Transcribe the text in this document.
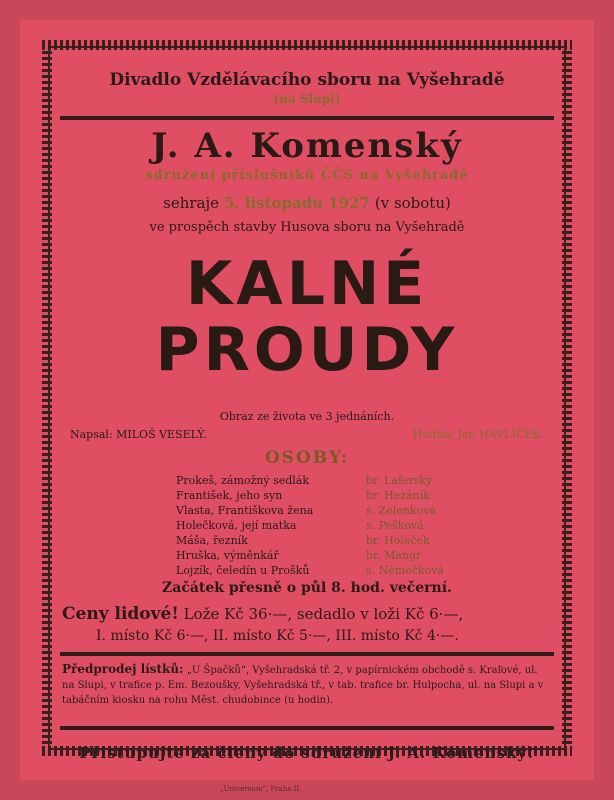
Divadlo Vzdělávacího sboru na Vyšehradě
(na Slupi)
J. A. Komenský
sdružení příslušníků ČČS na Vyšehradě
sehraje 5. listopadu 1927 (v sobotu)
ve prospěch stavby Husova sboru na Vyšehradě
KALNÉ
PROUDY
Obraz ze života ve 3 jednáních.
Napsal: MILOŠ VESELÝ.	Hudba: Jar. HAVLÍČEK.
OSOBY:
Prokeš, zámožný sedlák	br. Laferský
František, jeho syn	br. Hezáník
Vlasta, Františkova žena	s. Zelenková
Holečková, její matka	s. Pešková
Máša, řezník	br. Holeček
Hruška, výměnkář	br. Mangr
Lojzík, čeledín u Prošků	s. Němečková
Začátek přesně o půl 8. hod. večerní.
Ceny lidové! Lože Kč 36·—, sedadlo v loži Kč 6·—,
I. místo Kč 6·—, II. místo Kč 5·—, III. místo Kč 4·—.
Předprodej lístků: „U Špačků“, Vyšehradská tř. 2, v papírnickém obchodě s. Kraľové, ul. na Slupi, v trafice p. Em. Bezoušky, Vyšehradská tř., v tab. trafice br. Hulpocha, ul. na Slupi a v tabáčním kiosku na rohu Měst. chudobince (u hodin).
Přistupujte za členy do sdružení J. A. Komenský!
„Universum“, Praha II.
